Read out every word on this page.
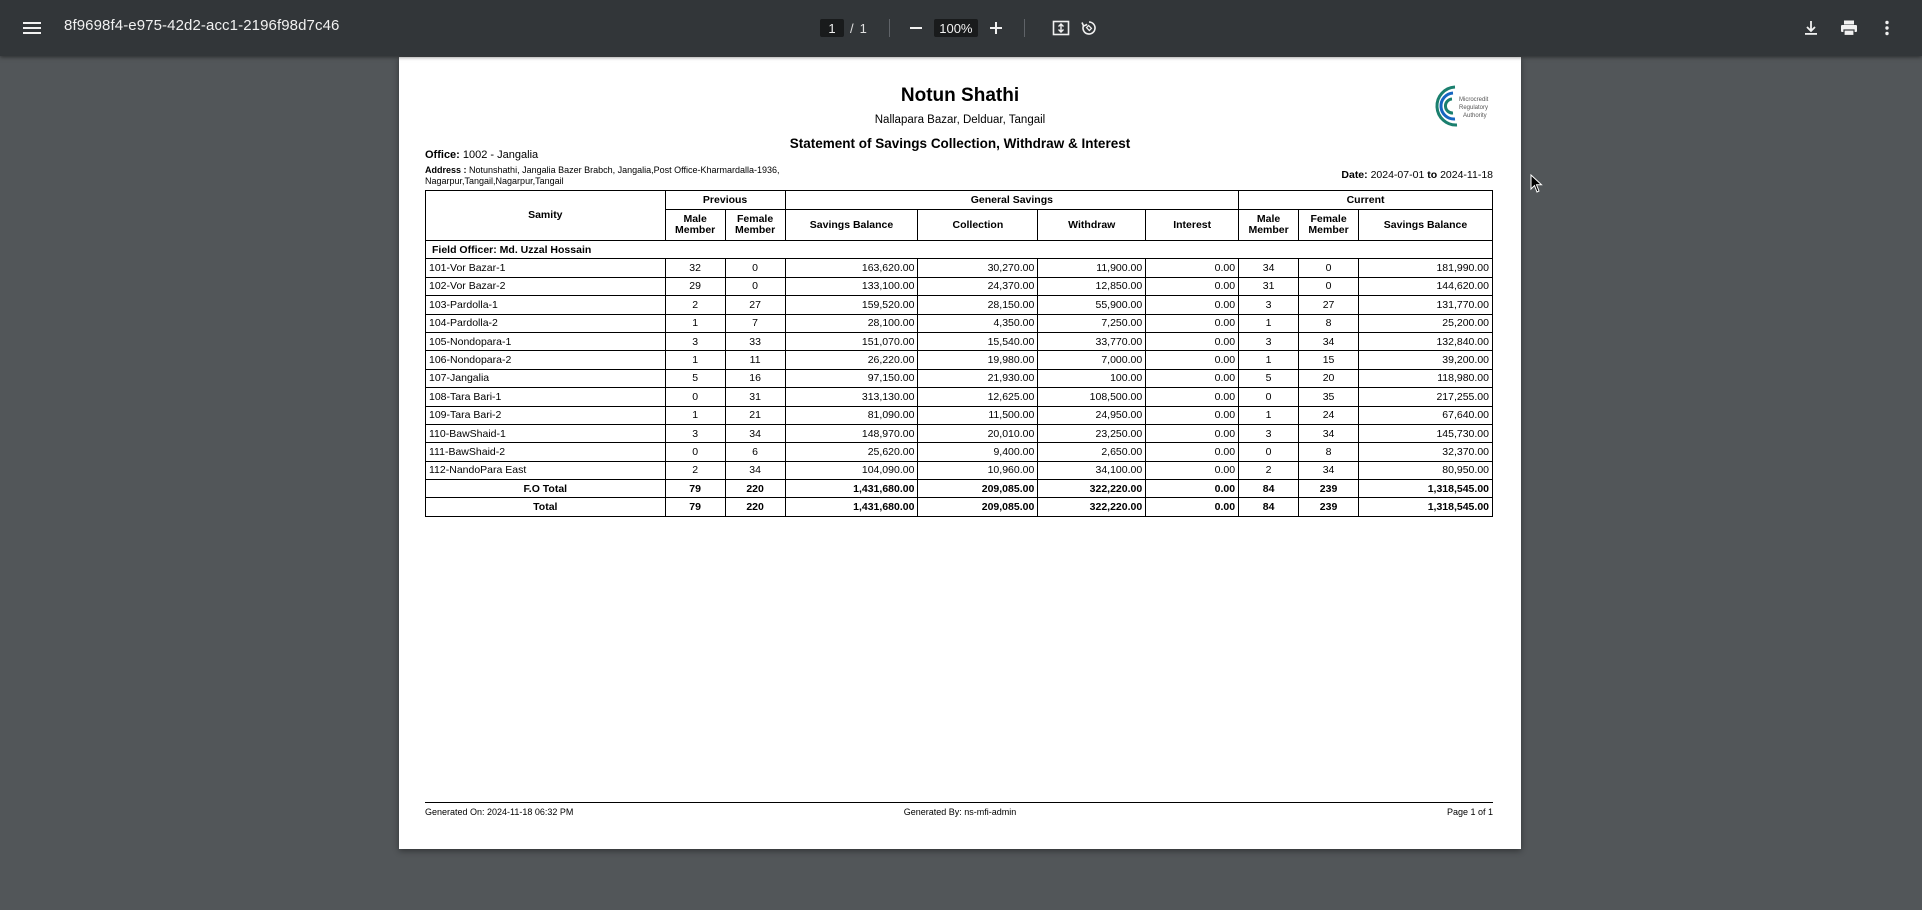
8f9698f4-e975-42d2-acc1-2196f98d7c46
1	/ 1
100%
Notun Shathi
Nallapara Bazar, Delduar, Tangail
Statement of Savings Collection, Withdraw & Interest
Microcredit
Regulatory
Authority
Office: 1002 - Jangalia
Address : Notunshathi, Jangalia Bazer Brabch, Jangalia,Post Office-Kharmardalla-1936, Nagarpur,Tangail,Nagarpur,Tangail	Date: 2024-07-01 to 2024-11-18
Samity	Previous		General Savings				Current		
	Male Member	Female Member	Savings Balance	Collection	Withdraw	Interest	Male Member	Female Member	Savings Balance
Field Officer: Md. Uzzal Hossain									
101-Vor Bazar-1	32	0	163,620.00	30,270.00	11,900.00	0.00	34	0	181,990.00
102-Vor Bazar-2	29	0	133,100.00	24,370.00	12,850.00	0.00	31	0	144,620.00
103-Pardolla-1	2	27	159,520.00	28,150.00	55,900.00	0.00	3	27	131,770.00
104-Pardolla-2	1	7	28,100.00	4,350.00	7,250.00	0.00	1	8	25,200.00
105-Nondopara-1	3	33	151,070.00	15,540.00	33,770.00	0.00	3	34	132,840.00
106-Nondopara-2	1	11	26,220.00	19,980.00	7,000.00	0.00	1	15	39,200.00
107-Jangalia	5	16	97,150.00	21,930.00	100.00	0.00	5	20	118,980.00
108-Tara Bari-1	0	31	313,130.00	12,625.00	108,500.00	0.00	0	35	217,255.00
109-Tara Bari-2	1	21	81,090.00	11,500.00	24,950.00	0.00	1	24	67,640.00
110-BawShaid-1	3	34	148,970.00	20,010.00	23,250.00	0.00	3	34	145,730.00
111-BawShaid-2	0	6	25,620.00	9,400.00	2,650.00	0.00	0	8	32,370.00
112-NandoPara East	2	34	104,090.00	10,960.00	34,100.00	0.00	2	34	80,950.00
F.O Total	79	220	1,431,680.00	209,085.00	322,220.00	0.00	84	239	1,318,545.00
Total	79	220	1,431,680.00	209,085.00	322,220.00	0.00	84	239	1,318,545.00
Generated On: 2024-11-18 06:32 PM	Generated By: ns-mfi-admin	Page 1 of 1
